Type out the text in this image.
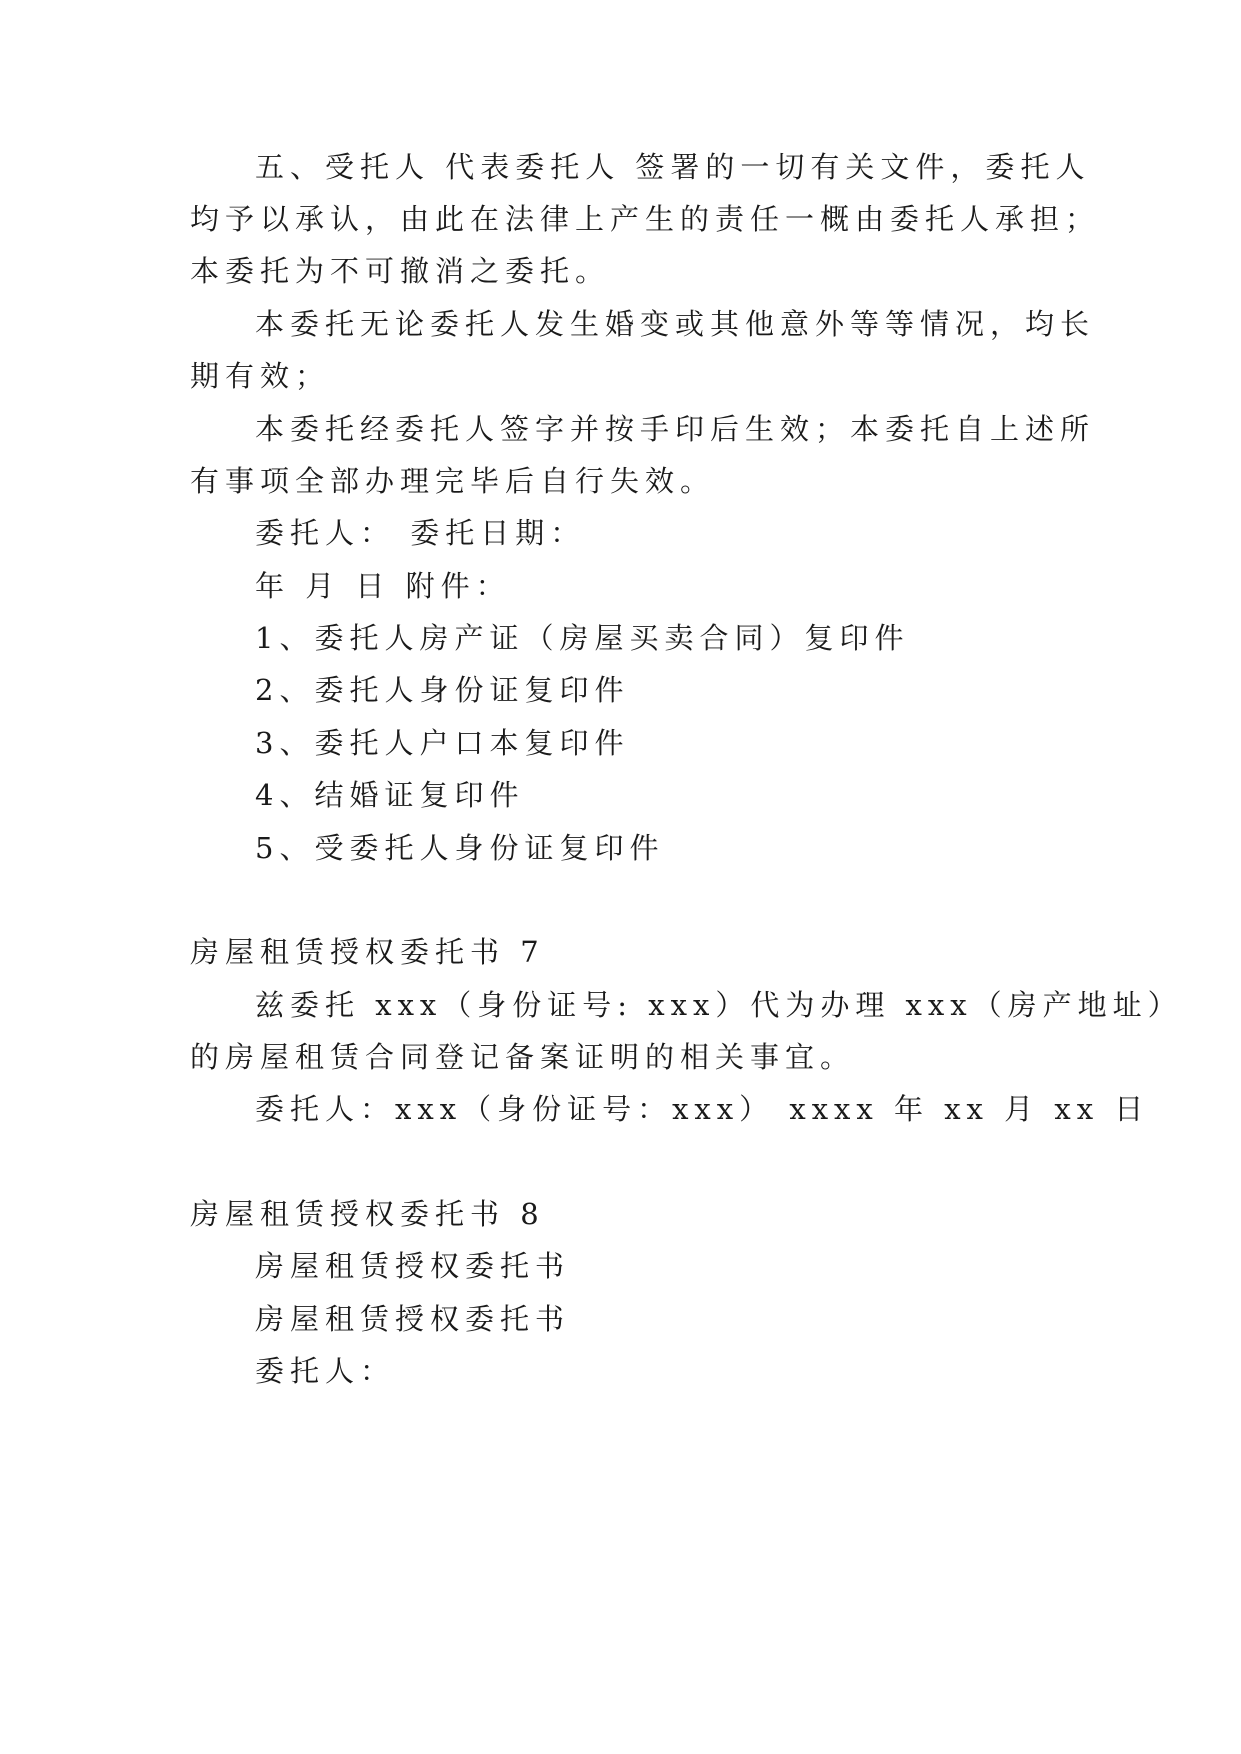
五、受托人 代表委托人 签署的一切有关文件，委托人
均予以承认，由此在法律上产生的责任一概由委托人承担；
本委托为不可撤消之委托。
本委托无论委托人发生婚变或其他意外等等情况，均长
期有效；
本委托经委托人签字并按手印后生效；本委托自上述所
有事项全部办理完毕后自行失效。
委托人： 委托日期：
年 月 日 附件：
1、委托人房产证（房屋买卖合同）复印件
2、委托人身份证复印件
3、委托人户口本复印件
4、结婚证复印件
5、受委托人身份证复印件
房屋租赁授权委托书 7
兹委托 xxx（身份证号: xxx）代为办理 xxx（房产地址）
的房屋租赁合同登记备案证明的相关事宜。
委托人：xxx（身份证号：xxx） xxxx 年 xx 月 xx 日
房屋租赁授权委托书 8
房屋租赁授权委托书
房屋租赁授权委托书
委托人：
